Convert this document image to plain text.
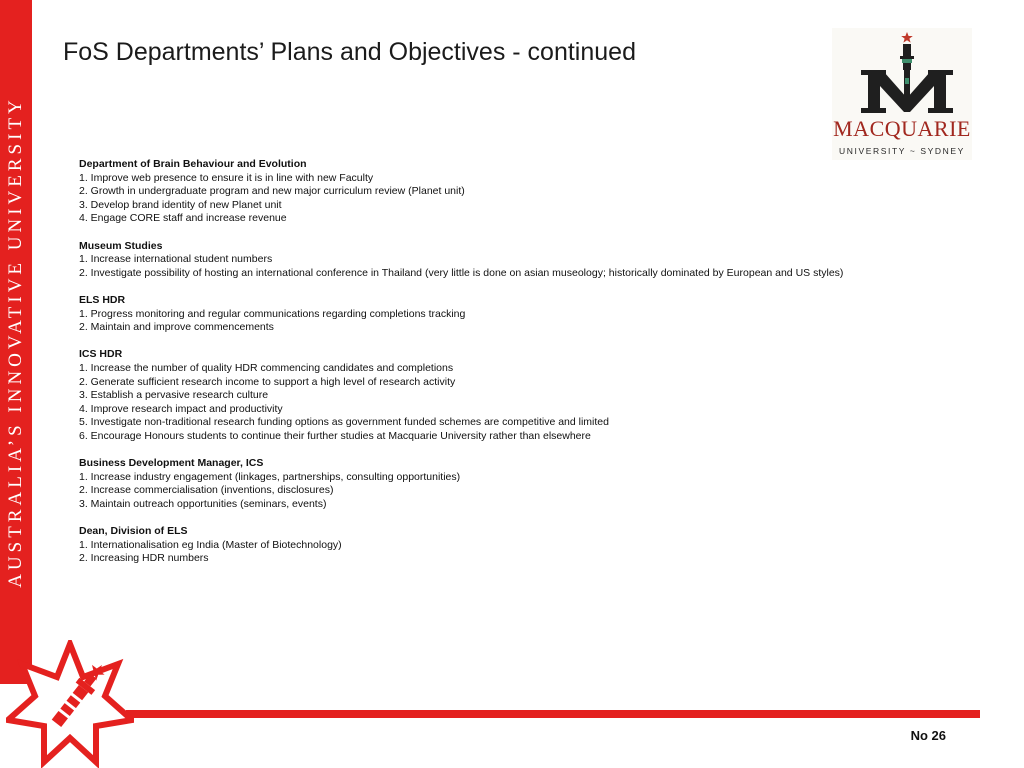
AUSTRALIA’S INNOVATIVE UNIVERSITY
FoS Departments’ Plans and Objectives - continued
MACQUARIE
UNIVERSITY ~ SYDNEY
Department of Brain Behaviour and Evolution
1. Improve web presence to ensure it is in line with new Faculty
2. Growth in undergraduate program and new major curriculum review (Planet unit)
3. Develop brand identity of new Planet unit
4. Engage CORE staff and increase revenue
Museum Studies
1. Increase international student numbers
2. Investigate possibility of hosting an international conference in Thailand (very little is done on asian museology; historically dominated by European and US styles)
ELS HDR
1. Progress monitoring and regular communications regarding completions tracking
2. Maintain and improve commencements
ICS HDR
1. Increase the number of quality HDR commencing candidates and completions
2. Generate sufficient research income to support a high level of research activity
3. Establish a pervasive research culture
4. Improve research impact and productivity
5. Investigate non-traditional research funding options as government funded schemes are competitive and limited
6. Encourage Honours students to continue their further studies at Macquarie University rather than elsewhere
Business Development Manager, ICS
1. Increase industry engagement (linkages, partnerships, consulting opportunities)
2. Increase commercialisation (inventions, disclosures)
3. Maintain outreach opportunities (seminars, events)
Dean, Division of ELS
1. Internationalisation eg India (Master of Biotechnology)
2. Increasing HDR numbers
No 26
